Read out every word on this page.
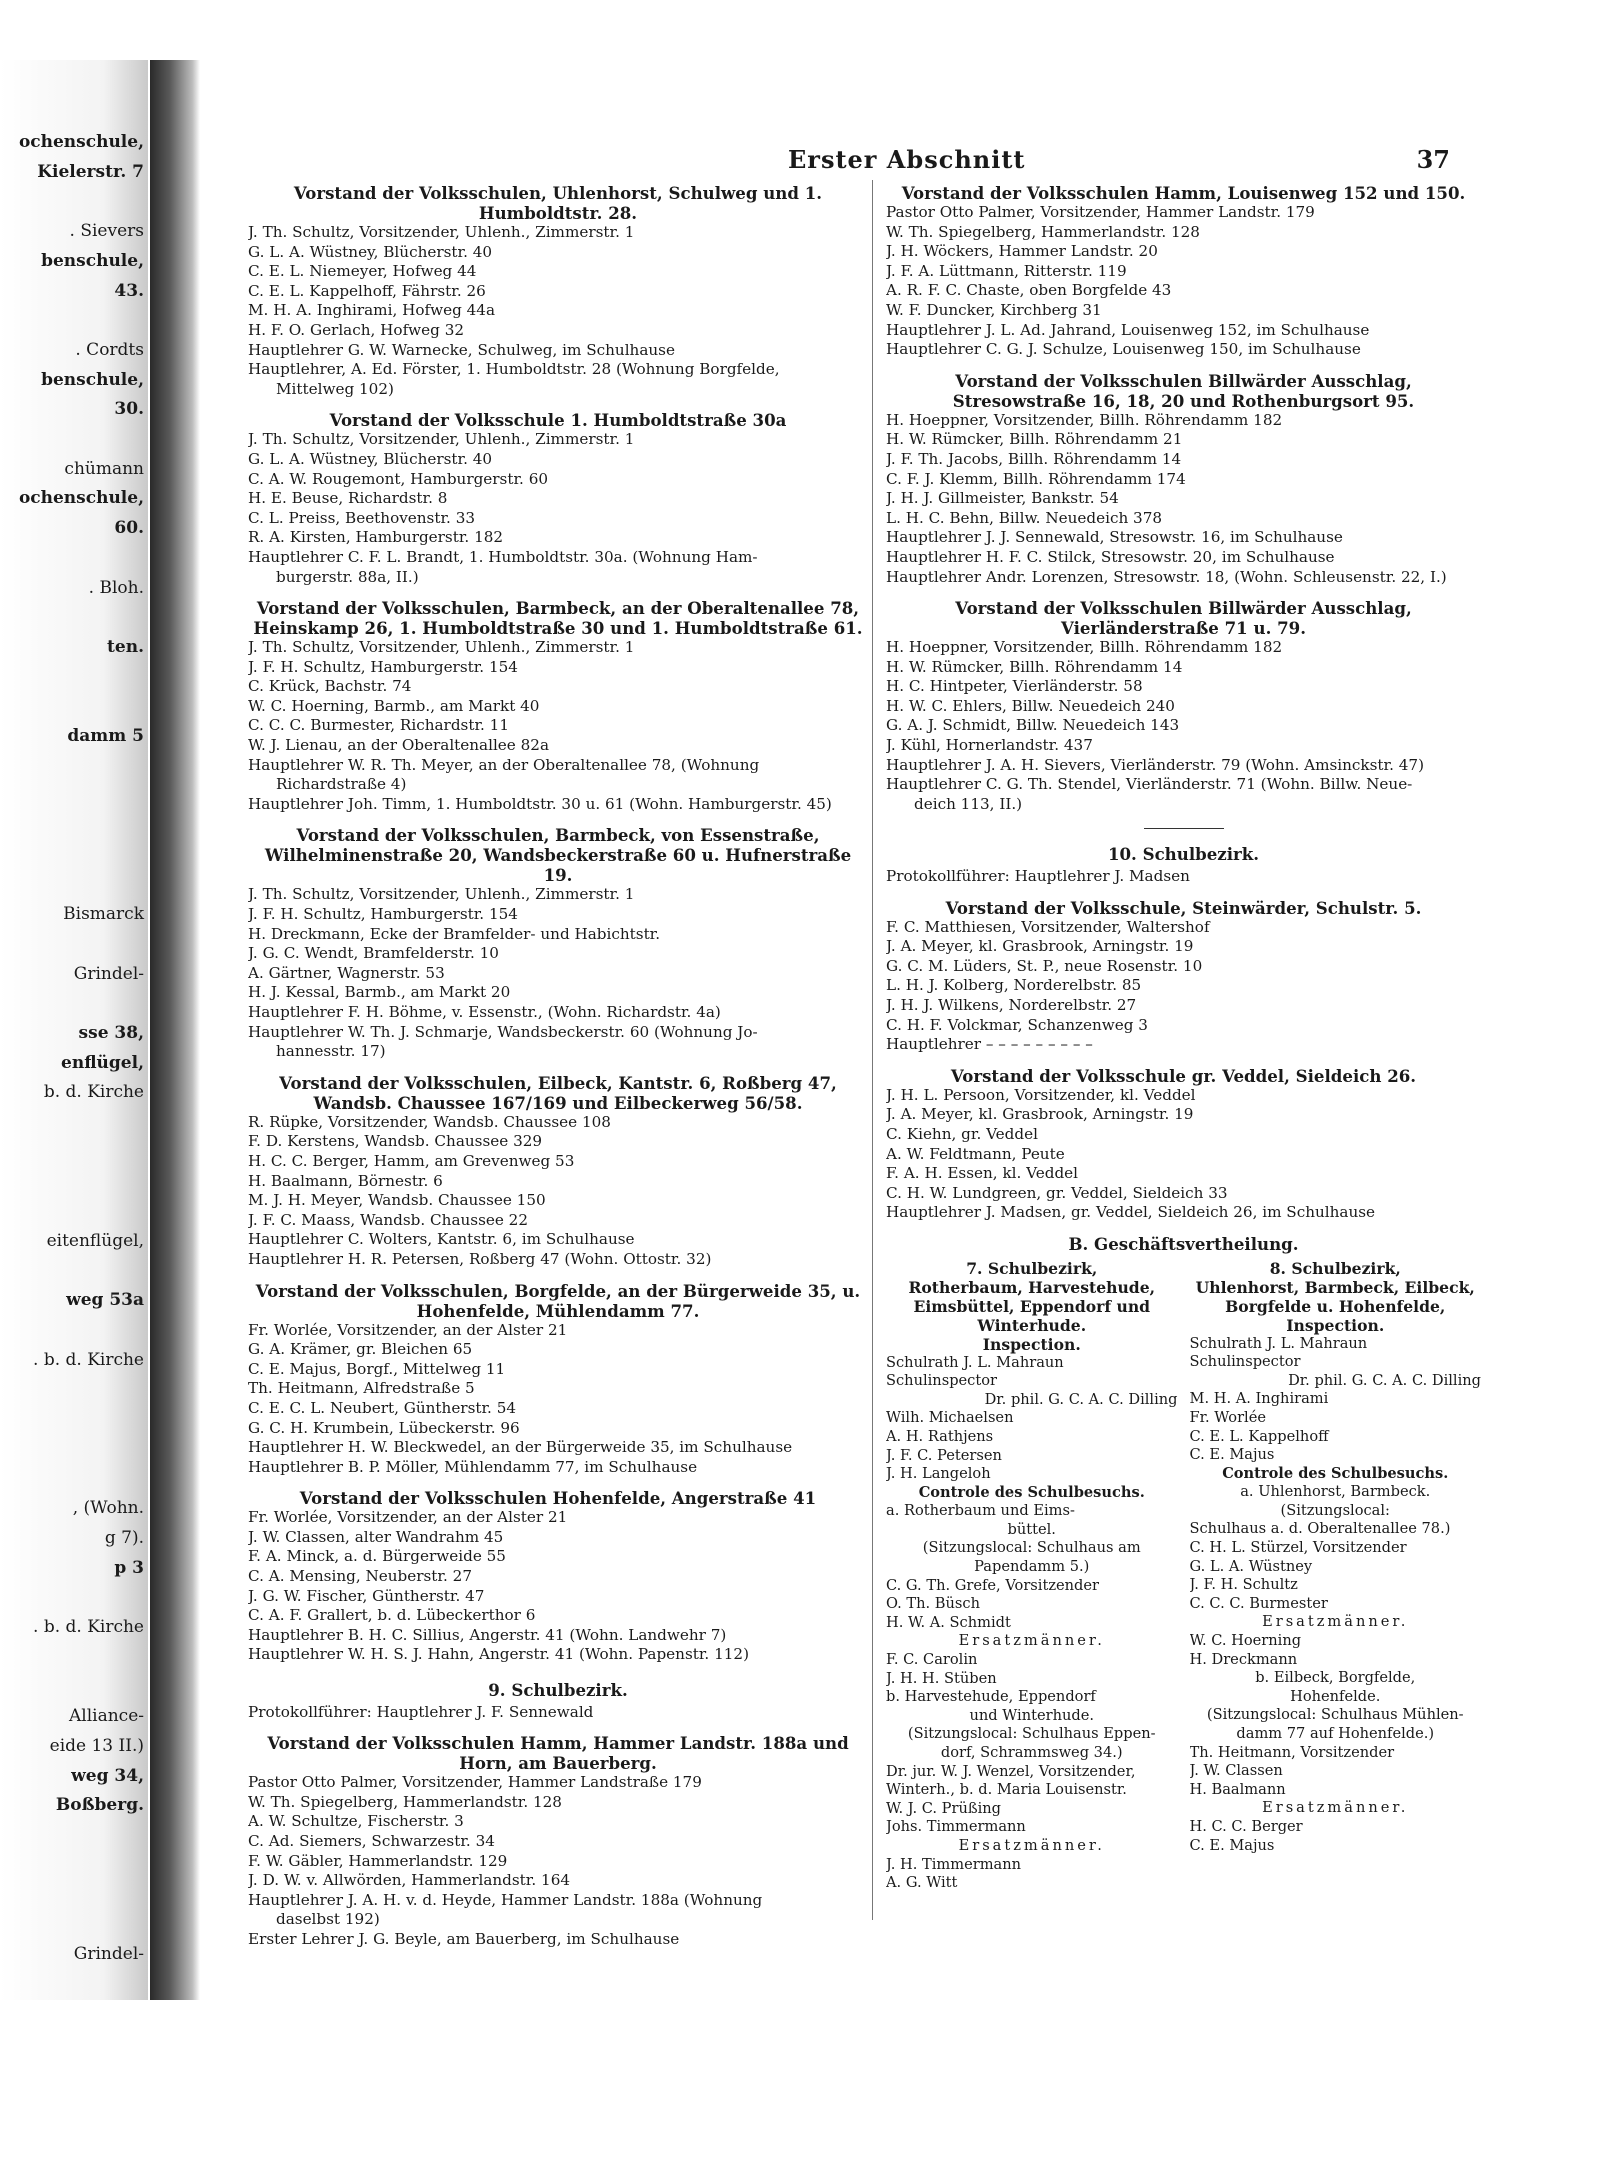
ochenschule,
Kielerstr. 7
. Sievers
benschule,
43.
. Cordts
benschule,
30.
chümann
ochenschule,
60.
. Bloh.
ten.
damm 5
Bismarck
Grindel-
sse 38,
enflügel,
b. d. Kirche
eitenflügel,
weg 53a
. b. d. Kirche
, (Wohn.
g 7).
p 3
. b. d. Kirche
Alliance-
eide 13 II.)
weg 34,
Boßberg.
Grindel-
Erster Abschnitt	37
Vorstand der Volksschulen, Uhlenhorst, Schulweg und 1. Humboldtstr. 28.
J. Th. Schultz, Vorsitzender, Uhlenh., Zimmerstr. 1
G. L. A. Wüstney, Blücherstr. 40
C. E. L. Niemeyer, Hofweg 44
C. E. L. Kappelhoff, Fährstr. 26
M. H. A. Inghirami, Hofweg 44a
H. F. O. Gerlach, Hofweg 32
Hauptlehrer G. W. Warnecke, Schulweg, im Schulhause
Hauptlehrer, A. Ed. Förster, 1. Humboldtstr. 28 (Wohnung Borgfelde,
Mittelweg 102)
Vorstand der Volksschule 1. Humboldtstraße 30a
J. Th. Schultz, Vorsitzender, Uhlenh., Zimmerstr. 1
G. L. A. Wüstney, Blücherstr. 40
C. A. W. Rougemont, Hamburgerstr. 60
H. E. Beuse, Richardstr. 8
C. L. Preiss, Beethovenstr. 33
R. A. Kirsten, Hamburgerstr. 182
Hauptlehrer C. F. L. Brandt, 1. Humboldtstr. 30a. (Wohnung Ham-
burgerstr. 88a, II.)
Vorstand der Volksschulen, Barmbeck, an der Oberaltenallee 78, Heinskamp 26, 1. Humboldtstraße 30 und 1. Humboldtstraße 61.
J. Th. Schultz, Vorsitzender, Uhlenh., Zimmerstr. 1
J. F. H. Schultz, Hamburgerstr. 154
C. Krück, Bachstr. 74
W. C. Hoerning, Barmb., am Markt 40
C. C. C. Burmester, Richardstr. 11
W. J. Lienau, an der Oberaltenallee 82a
Hauptlehrer W. R. Th. Meyer, an der Oberaltenallee 78, (Wohnung
Richardstraße 4)
Hauptlehrer Joh. Timm, 1. Humboldtstr. 30 u. 61 (Wohn. Hamburgerstr. 45)
Vorstand der Volksschulen, Barmbeck, von Essenstraße, Wilhelminenstraße 20, Wandsbeckerstraße 60 u. Hufnerstraße 19.
J. Th. Schultz, Vorsitzender, Uhlenh., Zimmerstr. 1
J. F. H. Schultz, Hamburgerstr. 154
H. Dreckmann, Ecke der Bramfelder- und Habichtstr.
J. G. C. Wendt, Bramfelderstr. 10
A. Gärtner, Wagnerstr. 53
H. J. Kessal, Barmb., am Markt 20
Hauptlehrer F. H. Böhme, v. Essenstr., (Wohn. Richardstr. 4a)
Hauptlehrer W. Th. J. Schmarje, Wandsbeckerstr. 60 (Wohnung Jo-
hannesstr. 17)
Vorstand der Volksschulen, Eilbeck, Kantstr. 6, Roßberg 47, Wandsb. Chaussee 167/169 und Eilbeckerweg 56/58.
R. Rüpke, Vorsitzender, Wandsb. Chaussee 108
F. D. Kerstens, Wandsb. Chaussee 329
H. C. C. Berger, Hamm, am Grevenweg 53
H. Baalmann, Börnestr. 6
M. J. H. Meyer, Wandsb. Chaussee 150
J. F. C. Maass, Wandsb. Chaussee 22
Hauptlehrer C. Wolters, Kantstr. 6, im Schulhause
Hauptlehrer H. R. Petersen, Roßberg 47 (Wohn. Ottostr. 32)
Vorstand der Volksschulen, Borgfelde, an der Bürgerweide 35, u. Hohenfelde, Mühlendamm 77.
Fr. Worlée, Vorsitzender, an der Alster 21
G. A. Krämer, gr. Bleichen 65
C. E. Majus, Borgf., Mittelweg 11
Th. Heitmann, Alfredstraße 5
C. E. C. L. Neubert, Güntherstr. 54
G. C. H. Krumbein, Lübeckerstr. 96
Hauptlehrer H. W. Bleckwedel, an der Bürgerweide 35, im Schulhause
Hauptlehrer B. P. Möller, Mühlendamm 77, im Schulhause
Vorstand der Volksschulen Hohenfelde, Angerstraße 41
Fr. Worlée, Vorsitzender, an der Alster 21
J. W. Classen, alter Wandrahm 45
F. A. Minck, a. d. Bürgerweide 55
C. A. Mensing, Neuberstr. 27
J. G. W. Fischer, Güntherstr. 47
C. A. F. Grallert, b. d. Lübeckerthor 6
Hauptlehrer B. H. C. Sillius, Angerstr. 41 (Wohn. Landwehr 7)
Hauptlehrer W. H. S. J. Hahn, Angerstr. 41 (Wohn. Papenstr. 112)
9. Schulbezirk.
Protokollführer: Hauptlehrer J. F. Sennewald
Vorstand der Volksschulen Hamm, Hammer Landstr. 188a und Horn, am Bauerberg.
Pastor Otto Palmer, Vorsitzender, Hammer Landstraße 179
W. Th. Spiegelberg, Hammerlandstr. 128
A. W. Schultze, Fischerstr. 3
C. Ad. Siemers, Schwarzestr. 34
F. W. Gäbler, Hammerlandstr. 129
J. D. W. v. Allwörden, Hammerlandstr. 164
Hauptlehrer J. A. H. v. d. Heyde, Hammer Landstr. 188a (Wohnung
daselbst 192)
Erster Lehrer J. G. Beyle, am Bauerberg, im Schulhause
Vorstand der Volksschulen Hamm, Louisenweg 152 und 150.
Pastor Otto Palmer, Vorsitzender, Hammer Landstr. 179
W. Th. Spiegelberg, Hammerlandstr. 128
J. H. Wöckers, Hammer Landstr. 20
J. F. A. Lüttmann, Ritterstr. 119
A. R. F. C. Chaste, oben Borgfelde 43
W. F. Duncker, Kirchberg 31
Hauptlehrer J. L. Ad. Jahrand, Louisenweg 152, im Schulhause
Hauptlehrer C. G. J. Schulze, Louisenweg 150, im Schulhause
Vorstand der Volksschulen Billwärder Ausschlag, Stresowstraße 16, 18, 20 und Rothenburgsort 95.
H. Hoeppner, Vorsitzender, Billh. Röhrendamm 182
H. W. Rümcker, Billh. Röhrendamm 21
J. F. Th. Jacobs, Billh. Röhrendamm 14
C. F. J. Klemm, Billh. Röhrendamm 174
J. H. J. Gillmeister, Bankstr. 54
L. H. C. Behn, Billw. Neuedeich 378
Hauptlehrer J. J. Sennewald, Stresowstr. 16, im Schulhause
Hauptlehrer H. F. C. Stilck, Stresowstr. 20, im Schulhause
Hauptlehrer Andr. Lorenzen, Stresowstr. 18, (Wohn. Schleusenstr. 22, I.)
Vorstand der Volksschulen Billwärder Ausschlag, Vierländerstraße 71 u. 79.
H. Hoeppner, Vorsitzender, Billh. Röhrendamm 182
H. W. Rümcker, Billh. Röhrendamm 14
H. C. Hintpeter, Vierländerstr. 58
H. W. C. Ehlers, Billw. Neuedeich 240
G. A. J. Schmidt, Billw. Neuedeich 143
J. Kühl, Hornerlandstr. 437
Hauptlehrer J. A. H. Sievers, Vierländerstr. 79 (Wohn. Amsinckstr. 47)
Hauptlehrer C. G. Th. Stendel, Vierländerstr. 71 (Wohn. Billw. Neue-
deich 113, II.)
10. Schulbezirk.
Protokollführer: Hauptlehrer J. Madsen
Vorstand der Volksschule, Steinwärder, Schulstr. 5.
F. C. Matthiesen, Vorsitzender, Waltershof
J. A. Meyer, kl. Grasbrook, Arningstr. 19
G. C. M. Lüders, St. P., neue Rosenstr. 10
L. H. J. Kolberg, Norderelbstr. 85
J. H. J. Wilkens, Norderelbstr. 27
C. H. F. Volckmar, Schanzenweg 3
Hauptlehrer – – – – – – – – –
Vorstand der Volksschule gr. Veddel, Sieldeich 26.
J. H. L. Persoon, Vorsitzender, kl. Veddel
J. A. Meyer, kl. Grasbrook, Arningstr. 19
C. Kiehn, gr. Veddel
A. W. Feldtmann, Peute
F. A. H. Essen, kl. Veddel
C. H. W. Lundgreen, gr. Veddel, Sieldeich 33
Hauptlehrer J. Madsen, gr. Veddel, Sieldeich 26, im Schulhause
B. Geschäftsvertheilung.
7. Schulbezirk,
Rotherbaum, Harvestehude,
Eimsbüttel, Eppendorf und
Winterhude.
Inspection.
Schulrath J. L. Mahraun
Schulinspector
Dr. phil. G. C. A. C. Dilling
Wilh. Michaelsen
A. H. Rathjens
J. F. C. Petersen
J. H. Langeloh
Controle des Schulbesuchs.
a. Rotherbaum und Eims-
büttel.
(Sitzungslocal: Schulhaus am
Papendamm 5.)
C. G. Th. Grefe, Vorsitzender
O. Th. Büsch
H. W. A. Schmidt
Ersatzmänner.
F. C. Carolin
J. H. H. Stüben
b. Harvestehude, Eppendorf
und Winterhude.
(Sitzungslocal: Schulhaus Eppen-
dorf, Schrammsweg 34.)
Dr. jur. W. J. Wenzel, Vorsitzender,
Winterh., b. d. Maria Louisenstr.
W. J. C. Prüßing
Johs. Timmermann
Ersatzmänner.
J. H. Timmermann
A. G. Witt
8. Schulbezirk,
Uhlenhorst, Barmbeck, Eilbeck,
Borgfelde u. Hohenfelde,
Inspection.
Schulrath J. L. Mahraun
Schulinspector
Dr. phil. G. C. A. C. Dilling
M. H. A. Inghirami
Fr. Worlée
C. E. L. Kappelhoff
C. E. Majus
Controle des Schulbesuchs.
a. Uhlenhorst, Barmbeck.
(Sitzungslocal:
Schulhaus a. d. Oberaltenallee 78.)
C. H. L. Stürzel, Vorsitzender
G. L. A. Wüstney
J. F. H. Schultz
C. C. C. Burmester
Ersatzmänner.
W. C. Hoerning
H. Dreckmann
b. Eilbeck, Borgfelde,
Hohenfelde.
(Sitzungslocal: Schulhaus Mühlen-
damm 77 auf Hohenfelde.)
Th. Heitmann, Vorsitzender
J. W. Classen
H. Baalmann
Ersatzmänner.
H. C. C. Berger
C. E. Majus
